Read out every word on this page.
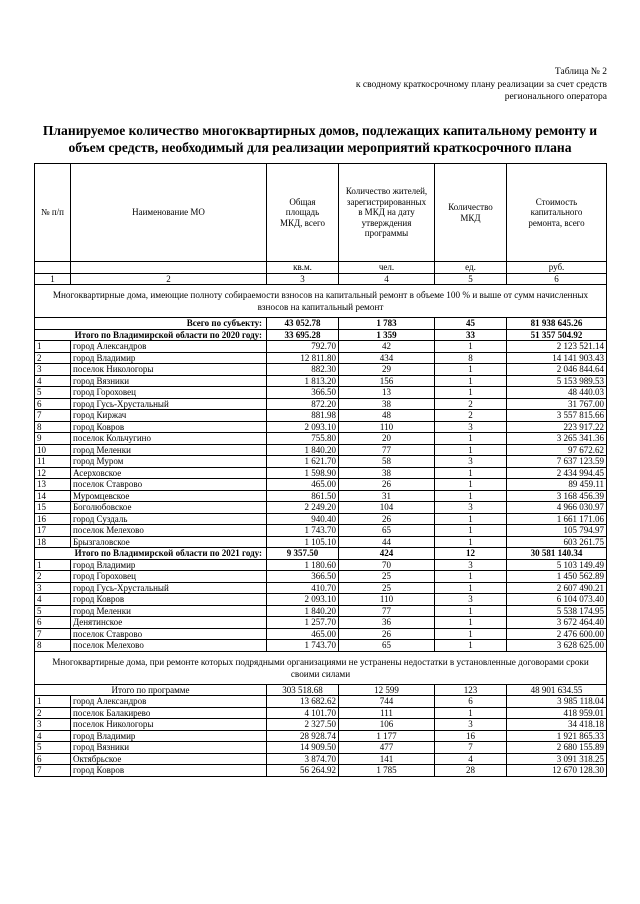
Таблица № 2
к сводному краткосрочному плану реализации за счет средств
регионального оператора
Планируемое количество многоквартирных домов, подлежащих капитальному ремонту и объем средств, необходимый для реализации мероприятий краткосрочного плана
№ п/п	Наименование МО	Общая площадь МКД, всего	Количество жителей, зарегистрированных в МКД на дату утверждения программы	Количество МКД	Стоимость капитального ремонта, всего
		кв.м.	чел.	ед.	руб.
1	2	3	4	5	6
Многоквартирные дома, имеющие полноту собираемости взносов на капитальный ремонт в объеме 100 % и выше от сумм начисленных взносов на капитальный ремонт					
Всего по субъекту:		43 052.78	1 783	45	81 938 645.26
Итого по Владимирской области по 2020 году:		33 695.28	1 359	33	51 357 504.92
1	город Александров	792.70	42	1	2 123 521.14
2	город Владимир	12 811.80	434	8	14 141 903.43
3	поселок Никологоры	882.30	29	1	2 046 844.64
4	город Вязники	1 813.20	156	1	5 153 989.53
5	город Гороховец	366.50	13	1	48 440.03
6	город Гусь-Хрустальный	872.20	38	2	31 767.00
7	город Киржач	881.98	48	2	3 557 815.66
8	город Ковров	2 093.10	110	3	223 917.22
9	поселок Кольчугино	755.80	20	1	3 265 341.36
10	город Меленки	1 840.20	77	1	97 672.62
11	город Муром	1 621.70	58	3	7 637 123.59
12	Асерховское	1 598.90	38	1	2 434 994.45
13	поселок Ставрово	465.00	26	1	89 459.11
14	Муромцевское	861.50	31	1	3 168 456.39
15	Боголюбовское	2 249.20	104	3	4 966 030.97
16	город Суздаль	940.40	26	1	1 661 171.06
17	поселок Мелехово	1 743.70	65	1	105 794.97
18	Брызгаловское	1 105.10	44	1	603 261.75
Итого по Владимирской области по 2021 году:		9 357.50	424	12	30 581 140.34
1	город Владимир	1 180.60	70	3	5 103 149.49
2	город Гороховец	366.50	25	1	1 450 562.89
3	город Гусь-Хрустальный	410.70	25	1	2 607 490.21
4	город Ковров	2 093.10	110	3	6 104 073.40
5	город Меленки	1 840.20	77	1	5 538 174.95
6	Денятинское	1 257.70	36	1	3 672 464.40
7	поселок Ставрово	465.00	26	1	2 476 600.00
8	поселок Мелехово	1 743.70	65	1	3 628 625.00
Многоквартирные дома, при ремонте которых подрядными организациями не устранены недостатки в установленные договорами сроки своими силами					
Итого по программе		303 518.68	12 599	123	48 901 634.55
1	город Александров	13 682.62	744	6	3 985 118.04
2	поселок Балакирево	4 101.70	111	1	418 959.01
3	поселок Никологоры	2 327.50	106	3	34 418.18
4	город Владимир	28 928.74	1 177	16	1 921 865.33
5	город Вязники	14 909.50	477	7	2 680 155.89
6	Октябрьское	3 874.70	141	4	3 091 318.25
7	город Ковров	56 264.92	1 785	28	12 670 128.30
